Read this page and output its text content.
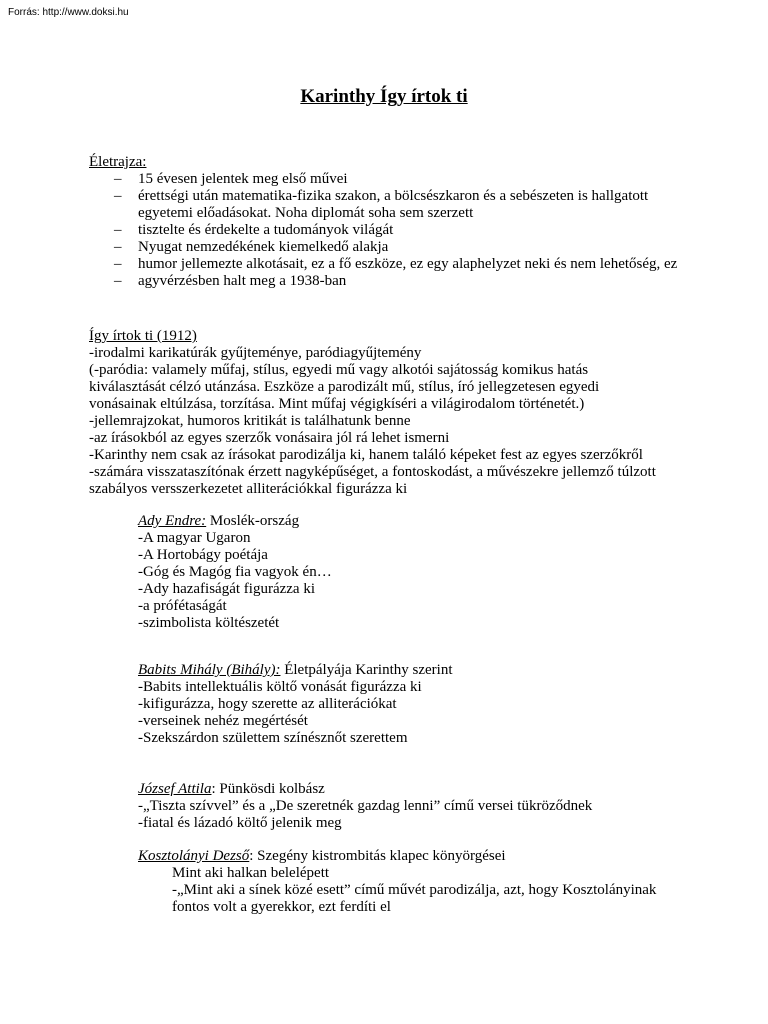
Forrás: http://www.doksi.hu
Karinthy Így írtok ti
Életrajza:
– 15 évesen jelentek meg első művei
– érettségi után matematika-fizika szakon, a bölcsészkaron és a sebészeten is hallgatott egyetemi előadásokat. Noha diplomát soha sem szerzett
– tisztelte és érdekelte a tudományok világát
– Nyugat nemzedékének kiemelkedő alakja
– humor jellemezte alkotásait, ez a fő eszköze, ez egy alaphelyzet neki és nem lehetőség, ez
– agyvérzésben halt meg a 1938-ban
Így írtok ti (1912)
-irodalmi karikatúrák gyűjteménye, paródiagyűjtemény
(-paródia: valamely műfaj, stílus, egyedi mű vagy alkotói sajátosság komikus hatás
kiválasztását célzó utánzása. Eszköze a parodizált mű, stílus, író jellegzetesen egyedi
vonásainak eltúlzása, torzítása. Mint műfaj végigkíséri a világirodalom történetét.)
-jellemrajzokat, humoros kritikát is találhatunk benne
-az írásokból az egyes szerzők vonásaira jól rá lehet ismerni
-Karinthy nem csak az írásokat parodizálja ki, hanem találó képeket fest az egyes szerzőkről
-számára visszataszítónak érzett nagyképűséget, a fontoskodást, a művészekre jellemző túlzott
szabályos versszerkezetet alliterációkkal figurázza ki
Ady Endre: Moslék-ország
-A magyar Ugaron
-A Hortobágy poétája
-Góg és Magóg fia vagyok én…
-Ady hazafiságát figurázza ki
-a prófétaságát
-szimbolista költészetét
Babits Mihály (Bihály): Életpályája Karinthy szerint
-Babits intellektuális költő vonását figurázza ki
-kifigurázza, hogy szerette az alliterációkat
-verseinek nehéz megértését
-Szekszárdon születtem színésznőt szerettem
József Attila: Pünkösdi kolbász
-„Tiszta szívvel” és a „De szeretnék gazdag lenni” című versei tükröződnek
-fiatal és lázadó költő jelenik meg
Kosztolányi Dezső: Szegény kistrombitás klapec könyörgései
Mint aki halkan belelépett
-„Mint aki a sínek közé esett” című művét parodizálja, azt, hogy Kosztolányinak
fontos volt a gyerekkor, ezt ferdíti el
